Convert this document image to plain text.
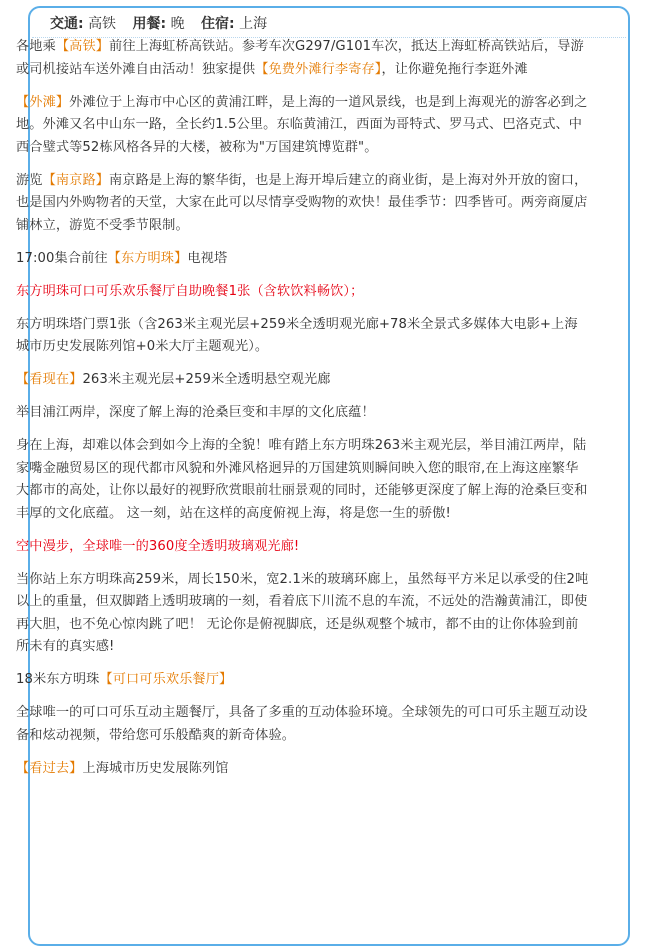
交通: 高铁 用餐: 晚 住宿: 上海

各地乘【高铁】前往上海虹桥高铁站。参考车次G297/G101车次，抵达上海虹桥高铁站后，导游或司机接站车送外滩自由活动！独家提供【免费外滩行李寄存】，让你避免拖行李逛外滩

【外滩】外滩位于上海市中心区的黄浦江畔，是上海的一道风景线，也是到上海观光的游客必到之地。外滩又名中山东一路，全长约1.5公里。东临黄浦江，西面为哥特式、罗马式、巴洛克式、中西合璧式等52栋风格各异的大楼，被称为"万国建筑博览群"。

游览【南京路】南京路是上海的繁华街，也是上海开埠后建立的商业街，是上海对外开放的窗口，也是国内外购物者的天堂，大家在此可以尽情享受购物的欢快！最佳季节：四季皆可。两旁商厦店铺林立，游览不受季节限制。

17:00集合前往【东方明珠】电视塔

东方明珠可口可乐欢乐餐厅自助晚餐1张（含软饮料畅饮）；

东方明珠塔门票1张（含263米主观光层+259米全透明观光廊+78米全景式多媒体大电影+上海城市历史发展陈列馆+0米大厅主题观光）。

【看现在】263米主观光层+259米全透明悬空观光廊

举目浦江两岸，深度了解上海的沧桑巨变和丰厚的文化底蕴！

身在上海，却难以体会到如今上海的全貌！唯有踏上东方明珠263米主观光层，举目浦江两岸，陆家嘴金融贸易区的现代都市风貌和外滩风格迥异的万国建筑则瞬间映入您的眼帘,在上海这座繁华大都市的高处，让你以最好的视野欣赏眼前壮丽景观的同时，还能够更深度了解上海的沧桑巨变和丰厚的文化底蕴。 这一刻，站在这样的高度俯视上海，将是您一生的骄傲!

空中漫步，全球唯一的360度全透明玻璃观光廊!

当你站上东方明珠高259米，周长150米，宽2.1米的玻璃环廊上，虽然每平方米足以承受的住2吨以上的重量，但双脚踏上透明玻璃的一刻，看着底下川流不息的车流，不远处的浩瀚黄浦江，即使再大胆，也不免心惊肉跳了吧！ 无论你是俯视脚底，还是纵观整个城市，都不由的让你体验到前所未有的真实感!

18米东方明珠【可口可乐欢乐餐厅】

全球唯一的可口可乐互动主题餐厅，具备了多重的互动体验环境。全球领先的可口可乐主题互动设备和炫动视频，带给您可乐般酷爽的新奇体验。

【看过去】上海城市历史发展陈列馆
